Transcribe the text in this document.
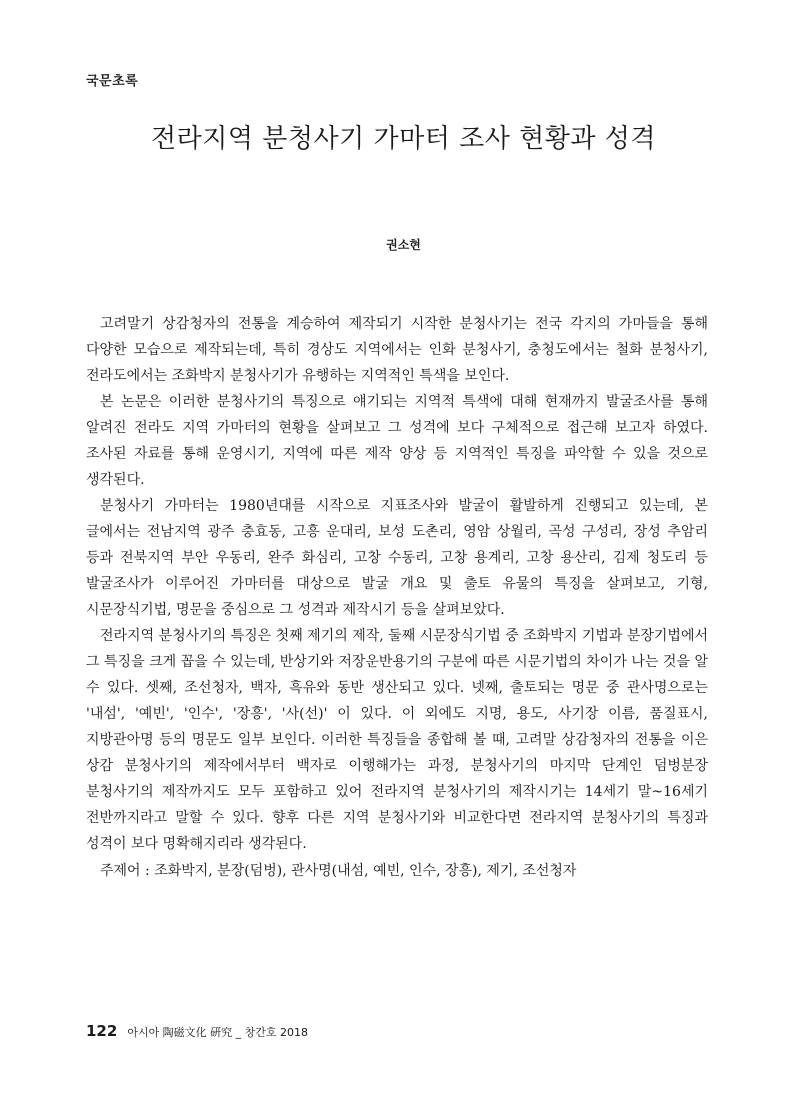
국문초록
전라지역 분청사기 가마터 조사 현황과 성격
권소현

고려말기 상감청자의 전통을 계승하여 제작되기 시작한 분청사기는 전국 각지의 가마들을 통해 다양한 모습으로 제작되는데, 특히 경상도 지역에서는 인화 분청사기, 충청도에서는 철화 분청사기, 전라도에서는 조화박지 분청사기가 유행하는 지역적인 특색을 보인다.

본 논문은 이러한 분청사기의 특징으로 얘기되는 지역적 특색에 대해 현재까지 발굴조사를 통해 알려진 전라도 지역 가마터의 현황을 살펴보고 그 성격에 보다 구체적으로 접근해 보고자 하였다. 조사된 자료를 통해 운영시기, 지역에 따른 제작 양상 등 지역적인 특징을 파악할 수 있을 것으로 생각된다.

분청사기 가마터는 1980년대를 시작으로 지표조사와 발굴이 활발하게 진행되고 있는데, 본 글에서는 전남지역 광주 충효동, 고흥 운대리, 보성 도촌리, 영암 상월리, 곡성 구성리, 장성 추암리 등과 전북지역 부안 우동리, 완주 화심리, 고창 수동리, 고창 용계리, 고창 용산리, 김제 청도리 등 발굴조사가 이루어진 가마터를 대상으로 발굴 개요 및 출토 유물의 특징을 살펴보고, 기형, 시문장식기법, 명문을 중심으로 그 성격과 제작시기 등을 살펴보았다.

전라지역 분청사기의 특징은 첫째 제기의 제작, 둘째 시문장식기법 중 조화박지 기법과 분장기법에서 그 특징을 크게 꼽을 수 있는데, 반상기와 저장운반용기의 구분에 따른 시문기법의 차이가 나는 것을 알 수 있다. 셋째, 조선청자, 백자, 흑유와 동반 생산되고 있다. 넷째, 출토되는 명문 중 관사명으로는 '내섬', '예빈', '인수', '장흥', '사(선)' 이 있다. 이 외에도 지명, 용도, 사기장 이름, 품질표시, 지방관아명 등의 명문도 일부 보인다. 이러한 특징들을 종합해 볼 때, 고려말 상감청자의 전통을 이은 상감 분청사기의 제작에서부터 백자로 이행해가는 과정, 분청사기의 마지막 단계인 덤벙분장 분청사기의 제작까지도 모두 포함하고 있어 전라지역 분청사기의 제작시기는 14세기 말~16세기 전반까지라고 말할 수 있다. 향후 다른 지역 분청사기와 비교한다면 전라지역 분청사기의 특징과 성격이 보다 명확해지리라 생각된다.

주제어 : 조화박지, 분장(덤벙), 관사명(내섬, 예빈, 인수, 장흥), 제기, 조선청자
122 아시아 陶磁文化 硏究 _ 창간호 2018
